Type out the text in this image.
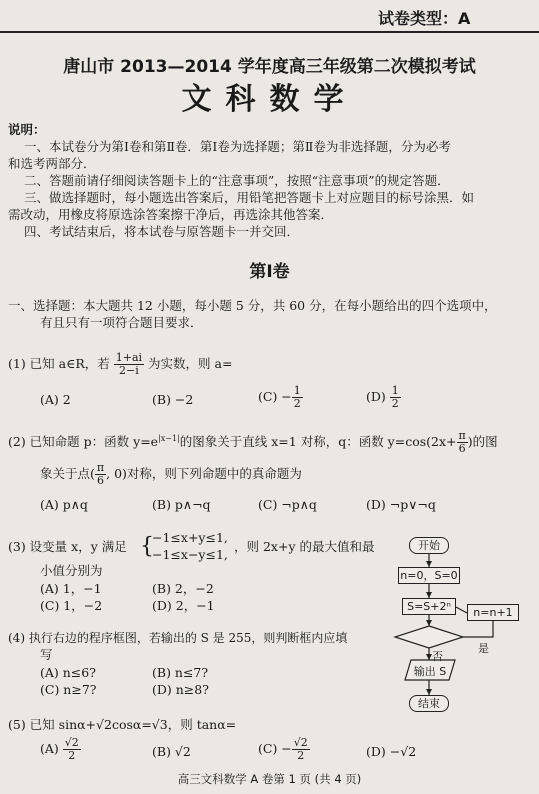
试卷类型：A
唐山市 2013—2014 学年度高三年级第二次模拟考试
文科数学
说明：
一、本试卷分为第Ⅰ卷和第Ⅱ卷．第Ⅰ卷为选择题；第Ⅱ卷为非选择题，分为必考
和选考两部分．
二、答题前请仔细阅读答题卡上的“注意事项”，按照“注意事项”的规定答题．
三、做选择题时，每小题选出答案后，用铅笔把答题卡上对应题目的标号涂黑．如
需改动，用橡皮将原选涂答案擦干净后，再选涂其他答案．
四、考试结束后，将本试卷与原答题卡一并交回．
第Ⅰ卷
一、选择题：本大题共 12 小题，每小题 5 分，共 60 分，在每小题给出的四个选项中，
有且只有一项符合题目要求．
(1) 已知 a∈R，若 $\frac{1+ai}{2-i}$ 为实数，则 a=
(A) 2	(B) −2	$(C) - \frac{1}{2}$	$(D) \frac{1}{2}$
(2) 已知命题 p：函数 $y=e^{|x-1|}$的图象关于直线 x=1 对称，q：函数 $y=\cos(2x+ \frac{\pi}{6}$ )的图
象关于点( $\frac{\pi}{6}$ , 0)对称，则下列命题中的真命题为
(A) p∧q	(B) p∧¬q	(C) ¬p∧q	(D) ¬p∨¬q
(3) 设变量 x，y 满足 {
−1≤x+y≤1,
−1≤x−y≤1,
，则 2x+y 的最大值和最
小值分别为
(A) 1，−1	(B) 2，−2
(C) 1，−2	(D) 2，−1
(4) 执行右边的程序框图，若输出的 S 是 255，则判断框内应填
写
(A) n≤6?	(B) n≤7?
(C) n≥7?	(D) n≥8?
(5) 已知 sinα+√2cosα=√3，则 tanα=
$(A) \frac{√2}{2}$	(B) √2	$(C) - \frac{√2}{2}$	(D) −√2
开始
n=0，S=0
S=S+2ⁿ	n=n+1
否
是
输出 S
结束
高三文科数学 A 卷第 1 页 (共 4 页)
